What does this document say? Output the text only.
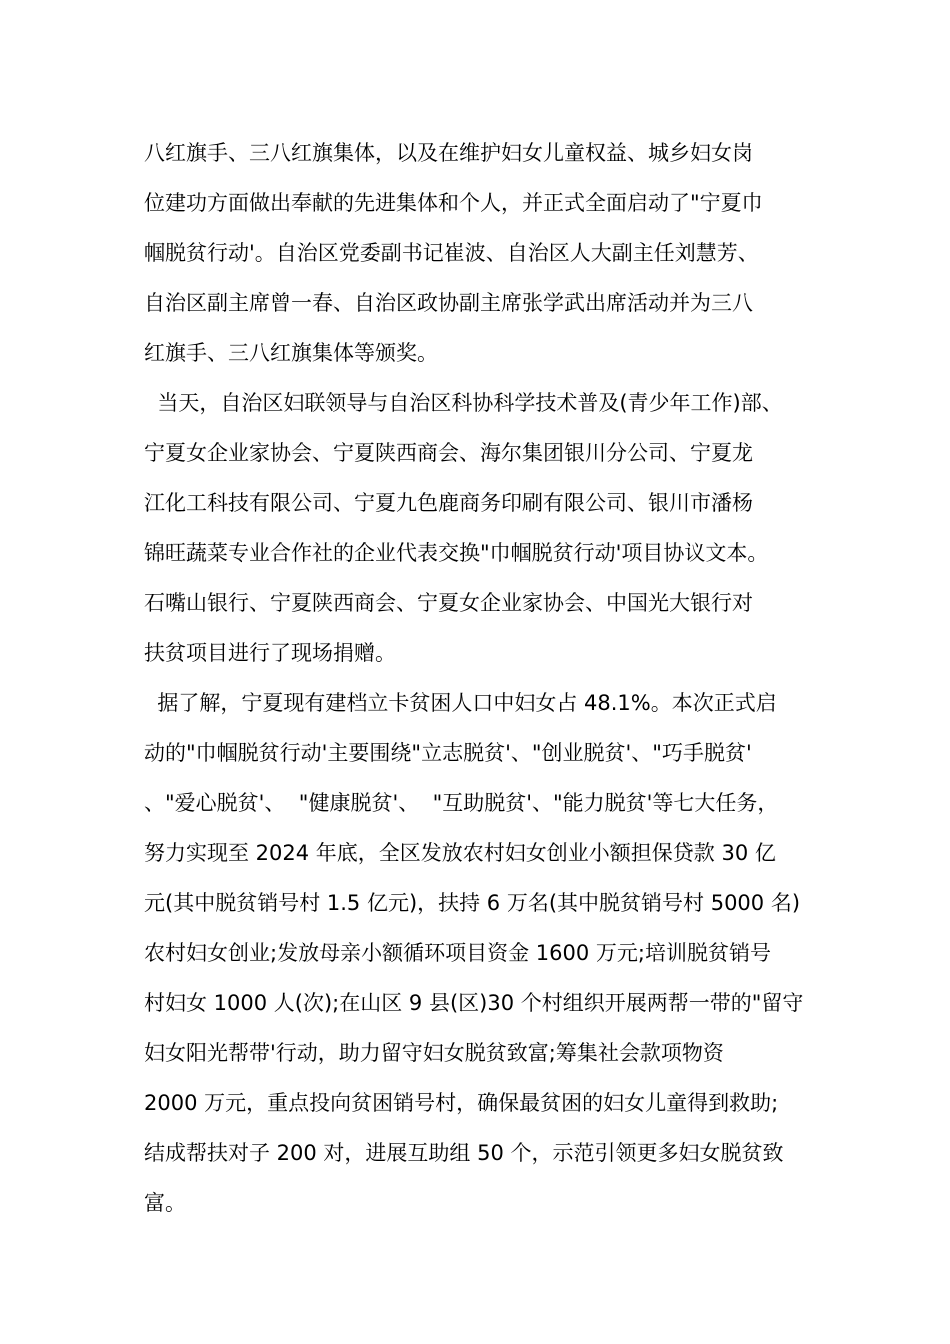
八红旗手、三八红旗集体，以及在维护妇女儿童权益、城乡妇女岗
位建功方面做出奉献的先进集体和个人，并正式全面启动了"宁夏巾
帼脱贫行动'。自治区党委副书记崔波、自治区人大副主任刘慧芳、
自治区副主席曾一春、自治区政协副主席张学武出席活动并为三八
红旗手、三八红旗集体等颁奖。
当天，自治区妇联领导与自治区科协科学技术普及(青少年工作)部、
宁夏女企业家协会、宁夏陕西商会、海尔集团银川分公司、宁夏龙
江化工科技有限公司、宁夏九色鹿商务印刷有限公司、银川市潘杨
锦旺蔬菜专业合作社的企业代表交换"巾帼脱贫行动'项目协议文本。
石嘴山银行、宁夏陕西商会、宁夏女企业家协会、中国光大银行对
扶贫项目进行了现场捐赠。
据了解，宁夏现有建档立卡贫困人口中妇女占 48.1%。本次正式启
动的"巾帼脱贫行动'主要围绕"立志脱贫'、"创业脱贫'、"巧手脱贫'
、"爱心脱贫'、  "健康脱贫'、  "互助脱贫'、"能力脱贫'等七大任务，
努力实现至 2024 年底，全区发放农村妇女创业小额担保贷款 30 亿
元(其中脱贫销号村 1.5 亿元)，扶持 6 万名(其中脱贫销号村 5000 名)
农村妇女创业;发放母亲小额循环项目资金 1600 万元;培训脱贫销号
村妇女 1000 人(次);在山区 9 县(区)30 个村组织开展两帮一带的"留守
妇女阳光帮带'行动，助力留守妇女脱贫致富;筹集社会款项物资
2000 万元，重点投向贫困销号村，确保最贫困的妇女儿童得到救助;
结成帮扶对子 200 对，进展互助组 50 个，示范引领更多妇女脱贫致
富。
